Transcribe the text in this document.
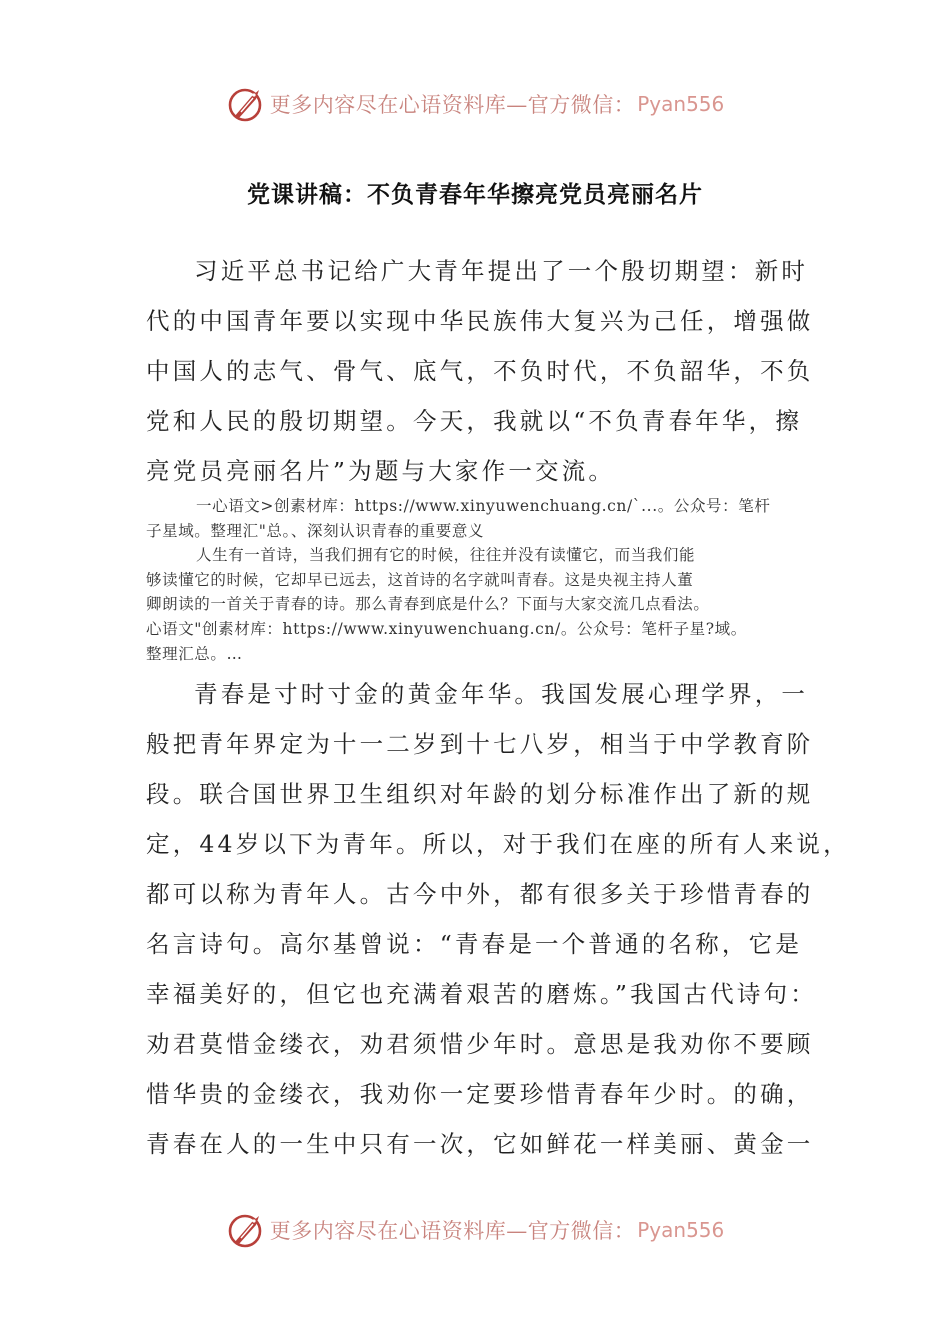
更多内容尽在心语资料库—官方微信： Pyan556
党课讲稿：不负青春年华擦亮党员亮丽名片
习近平总书记给广大青年提出了一个殷切期望：新时
代的中国青年要以实现中华民族伟大复兴为己任，增强做
中国人的志气、骨气、底气，不负时代，不负韶华，不负
党和人民的殷切期望。今天，我就以“不负青春年华，擦
亮党员亮丽名片”为题与大家作一交流。
一心语文>创素材库：https://www.xinyuwenchuang.cn/`...。公众号：笔杆
子星域。整理汇"总。、深刻认识青春的重要意义
人生有一首诗，当我们拥有它的时候，往往并没有读懂它，而当我们能
够读懂它的时候，它却早已远去，这首诗的名字就叫青春。这是央视主持人董
卿朗读的一首关于青春的诗。那么青春到底是什么？下面与大家交流几点看法。
心语文"创素材库：https://www.xinyuwenchuang.cn/。公众号：笔杆子星?域。
整理汇总。…
青春是寸时寸金的黄金年华。我国发展心理学界，一
般把青年界定为十一二岁到十七八岁，相当于中学教育阶
段。联合国世界卫生组织对年龄的划分标准作出了新的规
定，44岁以下为青年。所以，对于我们在座的所有人来说，
都可以称为青年人。古今中外，都有很多关于珍惜青春的
名言诗句。高尔基曾说：“青春是一个普通的名称，它是
幸福美好的，但它也充满着艰苦的磨炼。”我国古代诗句：
劝君莫惜金缕衣，劝君须惜少年时。意思是我劝你不要顾
惜华贵的金缕衣，我劝你一定要珍惜青春年少时。的确，
青春在人的一生中只有一次，它如鲜花一样美丽、黄金一
更多内容尽在心语资料库—官方微信： Pyan556
